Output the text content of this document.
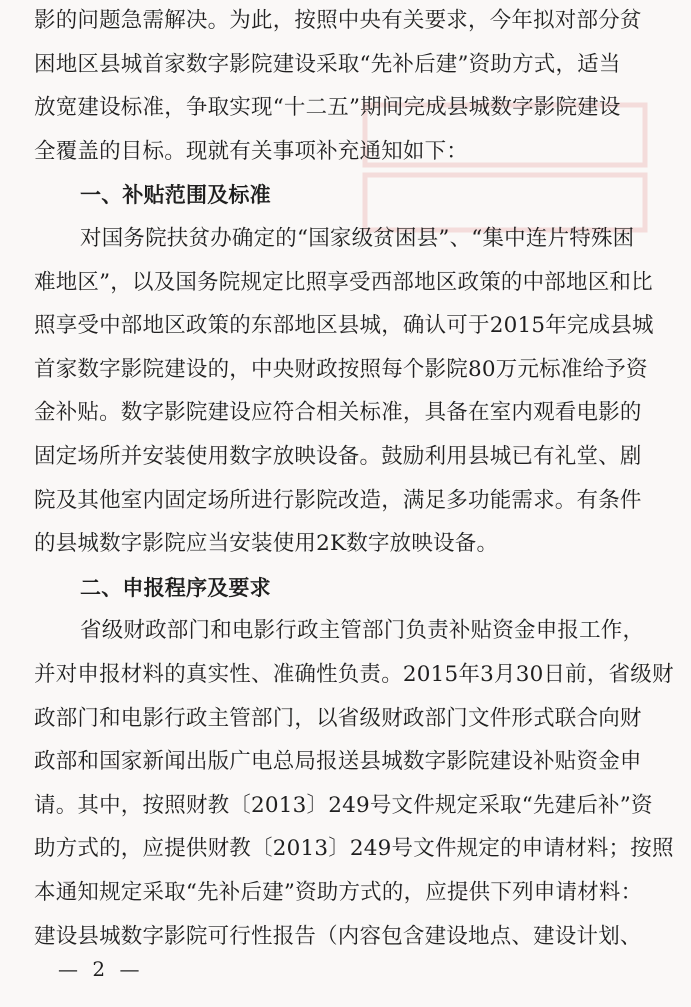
影的问题急需解决。为此，按照中央有关要求，今年拟对部分贫
困地区县城首家数字影院建设采取“先补后建”资助方式，适当
放宽建设标准，争取实现“十二五”期间完成县城数字影院建设
全覆盖的目标。现就有关事项补充通知如下：
一、补贴范围及标准
对国务院扶贫办确定的“国家级贫困县”、“集中连片特殊困
难地区”，以及国务院规定比照享受西部地区政策的中部地区和比
照享受中部地区政策的东部地区县城，确认可于2015年完成县城
首家数字影院建设的，中央财政按照每个影院80万元标准给予资
金补贴。数字影院建设应符合相关标准，具备在室内观看电影的
固定场所并安装使用数字放映设备。鼓励利用县城已有礼堂、剧
院及其他室内固定场所进行影院改造，满足多功能需求。有条件
的县城数字影院应当安装使用2K数字放映设备。
二、申报程序及要求
省级财政部门和电影行政主管部门负责补贴资金申报工作，
并对申报材料的真实性、准确性负责。2015年3月30日前，省级财
政部门和电影行政主管部门，以省级财政部门文件形式联合向财
政部和国家新闻出版广电总局报送县城数字影院建设补贴资金申
请。其中，按照财教〔2013〕249号文件规定采取“先建后补”资
助方式的，应提供财教〔2013〕249号文件规定的申请材料；按照
本通知规定采取“先补后建”资助方式的，应提供下列申请材料：
建设县城数字影院可行性报告（内容包含建设地点、建设计划、
— 2 —
